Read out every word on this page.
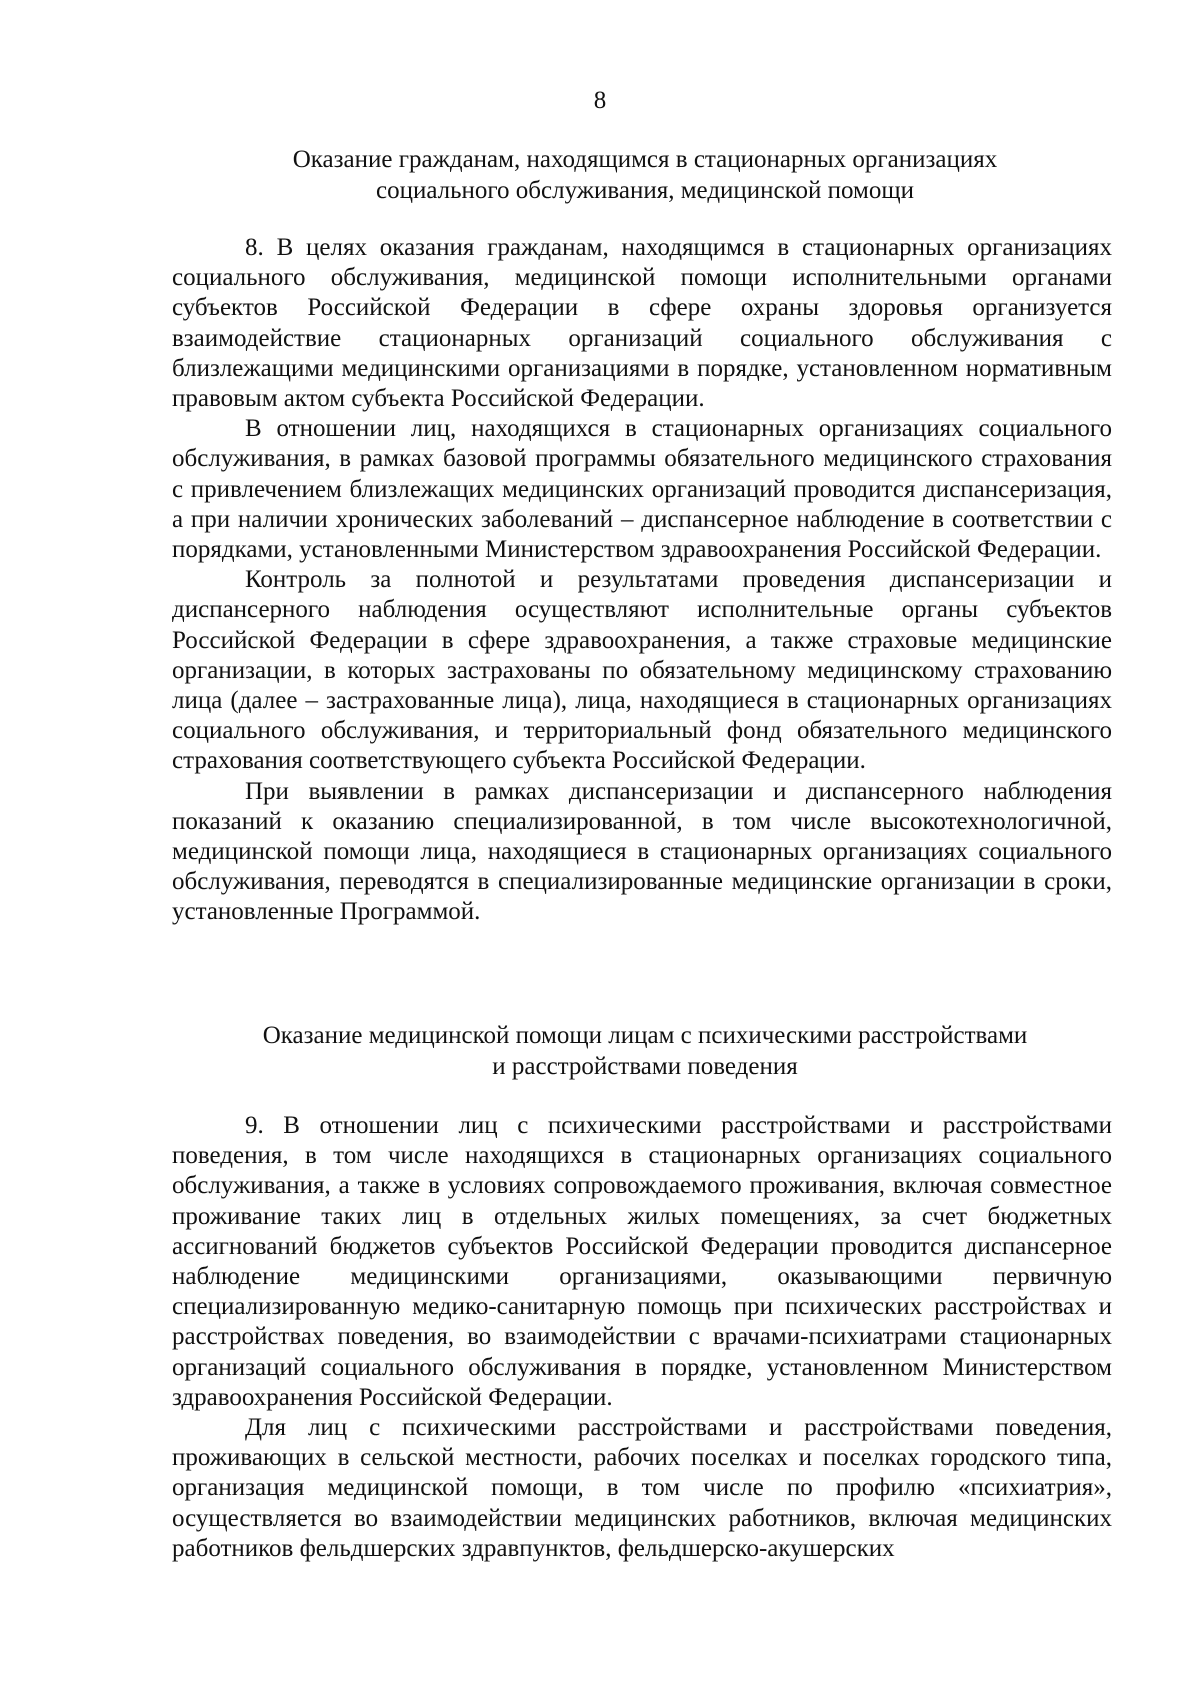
8
Оказание гражданам, находящимся в стационарных организациях
социального обслуживания, медицинской помощи

8. В целях оказания гражданам, находящимся в стационарных организациях социального обслуживания, медицинской помощи исполнительными органами субъектов Российской Федерации в сфере охраны здоровья организуется взаимодействие стационарных организаций социального обслуживания с близлежащими медицинскими организациями в порядке, установленном нормативным правовым актом субъекта Российской Федерации.

В отношении лиц, находящихся в стационарных организациях социального обслуживания, в рамках базовой программы обязательного медицинского страхования с привлечением близлежащих медицинских организаций проводится диспансеризация, а при наличии хронических заболеваний – диспансерное наблюдение в соответствии с порядками, установленными Министерством здравоохранения Российской Федерации.

Контроль за полнотой и результатами проведения диспансеризации и диспансерного наблюдения осуществляют исполнительные органы субъектов Российской Федерации в сфере здравоохранения, а также страховые медицинские организации, в которых застрахованы по обязательному медицинскому страхованию лица (далее – застрахованные лица), лица, находящиеся в стационарных организациях социального обслуживания, и территориальный фонд обязательного медицинского страхования соответствующего субъекта Российской Федерации.

При выявлении в рамках диспансеризации и диспансерного наблюдения показаний к оказанию специализированной, в том числе высокотехнологичной, медицинской помощи лица, находящиеся в стационарных организациях социального обслуживания, переводятся в специализированные медицинские организации в сроки, установленные Программой.

Оказание медицинской помощи лицам с психическими расстройствами
и расстройствами поведения

9. В отношении лиц с психическими расстройствами и расстройствами поведения, в том числе находящихся в стационарных организациях социального обслуживания, а также в условиях сопровождаемого проживания, включая совместное проживание таких лиц в отдельных жилых помещениях, за счет бюджетных ассигнований бюджетов субъектов Российской Федерации проводится диспансерное наблюдение медицинскими организациями, оказывающими первичную специализированную медико-санитарную помощь при психических расстройствах и расстройствах поведения, во взаимодействии с врачами-психиатрами стационарных организаций социального обслуживания в порядке, установленном Министерством здравоохранения Российской Федерации.

Для лиц с психическими расстройствами и расстройствами поведения, проживающих в сельской местности, рабочих поселках и поселках городского типа, организация медицинской помощи, в том числе по профилю «психиатрия», осуществляется во взаимодействии медицинских работников, включая медицинских работников фельдшерских здравпунктов, фельдшерско-акушерских
